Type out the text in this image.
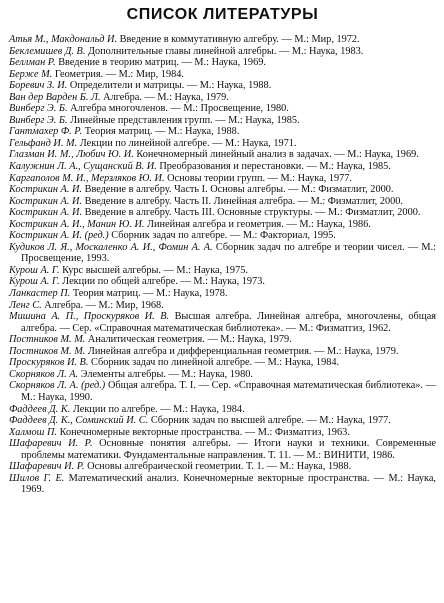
СПИСОК ЛИТЕРАТУРЫ
Атья М., Макдональд И. Введение в коммутативную алгебру. — М.: Мир, 1972.
Беклемишев Д. В. Дополнительные главы линейной алгебры. — М.: Наука, 1983.
Беллман Р. Введение в теорию матриц. — М.: Наука, 1969.
Берже М. Геометрия. — М.: Мир, 1984.
Боревич З. И. Определители и матрицы. — М.: Наука, 1988.
Ван дер Варден Б. Л. Алгебра. — М.: Наука, 1979.
Винберг Э. Б. Алгебра многочленов. — М.: Просвещение, 1980.
Винберг Э. Б. Линейные представления групп. — М.: Наука, 1985.
Гантмахер Ф. Р. Теория матриц. — М.: Наука, 1988.
Гельфанд И. М. Лекции по линейной алгебре. — М.: Наука, 1971.
Глазман И. М., Любич Ю. И. Конечномерный линейный анализ в задачах. — М.: Наука, 1969.
Калужнин Л. А., Сущанский В. И. Преобразования и перестановки. — М.: Наука, 1985.
Каргаполов М. И., Мерзляков Ю. И. Основы теории групп. — М.: Наука, 1977.
Кострикин А. И. Введение в алгебру. Часть I. Основы алгебры. — М.: Физматлит, 2000.
Кострикин А. И. Введение в алгебру. Часть II. Линейная алгебра. — М.: Физматлит, 2000.
Кострикин А. И. Введение в алгебру. Часть III. Основные структуры. — М.: Физматлит, 2000.
Кострикин А. И., Манин Ю. И. Линейная алгебра и геометрия. — М.: Наука, 1986.
Кострикин А. И. (ред.) Сборник задач по алгебре. — М.: Факториал, 1995.
Кудиков Л. Я., Москаленко А. И., Фомин А. А. Сборник задач по алгебре и теории чисел. — М.: Просвещение, 1993.
Курош А. Г. Курс высшей алгебры. — М.: Наука, 1975.
Курош А. Г. Лекции по общей алгебре. — М.: Наука, 1973.
Ланкастер П. Теория матриц. — М.: Наука, 1978.
Ленг С. Алгебра. — М.: Мир, 1968.
Мишина А. П., Проскуряков И. В. Высшая алгебра. Линейная алгебра, многочлены, общая алгебра. — Сер. «Справочная математическая библиотека». — М.: Физматгиз, 1962.
Постников М. М. Аналитическая геометрия. — М.: Наука, 1979.
Постников М. М. Линейная алгебра и дифференциальная геометрия. — М.: Наука, 1979.
Проскуряков И. В. Сборник задач по линейной алгебре. — М.: Наука, 1984.
Скорняков Л. А. Элементы алгебры. — М.: Наука, 1980.
Скорняков Л. А. (ред.) Общая алгебра. Т. I. — Сер. «Справочная математическая библиотека». — М.: Наука, 1990.
Фаддеев Д. К. Лекции по алгебре. — М.: Наука, 1984.
Фаддеев Д. К., Соминский И. С. Сборник задач по высшей алгебре. — М.: Наука, 1977.
Халмош П. Конечномерные векторные пространства. — М.: Физматгиз, 1963.
Шафаревич И. Р. Основные понятия алгебры. — Итоги науки и техники. Современные проблемы математики. Фундаментальные направления. Т. 11. — М.: ВИНИТИ, 1986.
Шафаревич И. Р. Основы алгебраической геометрии. Т. 1. — М.: Наука, 1988.
Шилов Г. Е. Математический анализ. Конечномерные векторные пространства. — М.: Наука, 1969.
